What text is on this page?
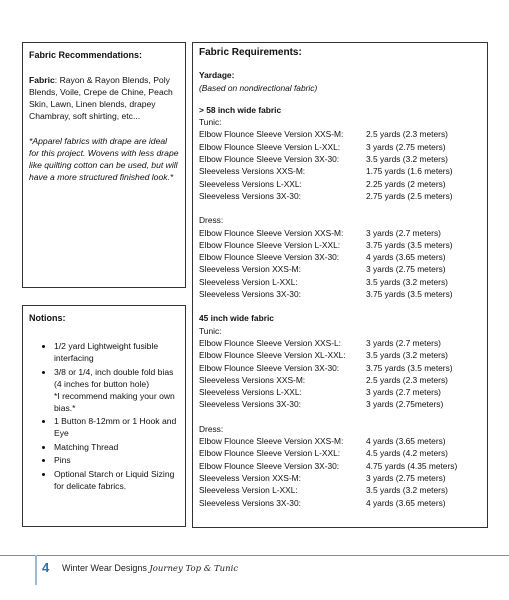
Fabric Recommendations:

Fabric: Rayon & Rayon Blends, Poly Blends, Voile, Crepe de Chine, Peach Skin, Lawn, Linen blends, drapey Chambray, soft shirting, etc...

*Apparel fabrics with drape are ideal for this project. Wovens with less drape like quilting cotton can be used, but will have a more structured finished look.*

Notions:

• 1/2 yard Lightweight fusible interfacing
• 3/8 or 1/4, inch double fold bias (4 inches for button hole)
*I recommend making your own bias.*
• 1 Button 8-12mm or 1 Hook and Eye
• Matching Thread
• Pins
• Optional Starch or Liquid Sizing for delicate fabrics.

Fabric Requirements:

Yardage:

(Based on nondirectional fabric)

> 58 inch wide fabric

Tunic:

Elbow Flounce Sleeve Version XXS-M:	2.5 yards (2.3 meters)
Elbow Flounce Sleeve Version L-XXL:	3 yards (2.75 meters)
Elbow Flounce Sleeve Version 3X-30:	3.5 yards (3.2 meters)
Sleeveless Versions XXS-M:	1.75 yards (1.6 meters)
Sleeveless Versions L-XXL:	2.25 yards (2 meters)
Sleeveless Versions 3X-30:	2.75 yards (2.5 meters)

Dress:

Elbow Flounce Sleeve Version XXS-M:	3 yards (2.7 meters)
Elbow Flounce Sleeve Version L-XXL:	3.75 yards (3.5 meters)
Elbow Flounce Sleeve Version 3X-30:	4 yards (3.65 meters)
Sleeveless Version XXS-M:	3 yards (2.75 meters)
Sleeveless Version L-XXL:	3.5 yards (3.2 meters)
Sleeveless Versions 3X-30:	3.75 yards (3.5 meters)

45 inch wide fabric

Tunic:

Elbow Flounce Sleeve Version XXS-L:	3 yards (2.7 meters)
Elbow Flounce Sleeve Version XL-XXL:	3.5 yards (3.2 meters)
Elbow Flounce Sleeve Version 3X-30:	3.75 yards (3.5 meters)
Sleeveless Versions XXS-M:	2.5 yards (2.3 meters)
Sleeveless Versions L-XXL:	3 yards (2.7 meters)
Sleeveless Versions 3X-30:	3 yards (2.75meters)

Dress:

Elbow Flounce Sleeve Version XXS-M:	4 yards (3.65 meters)
Elbow Flounce Sleeve Version L-XXL:	4.5 yards (4.2 meters)
Elbow Flounce Sleeve Version 3X-30:	4.75 yards (4.35 meters)
Sleeveless Version XXS-M:	3 yards (2.75 meters)
Sleeveless Version L-XXL:	3.5 yards (3.2 meters)
Sleeveless Versions 3X-30:	4 yards (3.65 meters)
4 Winter Wear Designs Journey Top & Tunic
